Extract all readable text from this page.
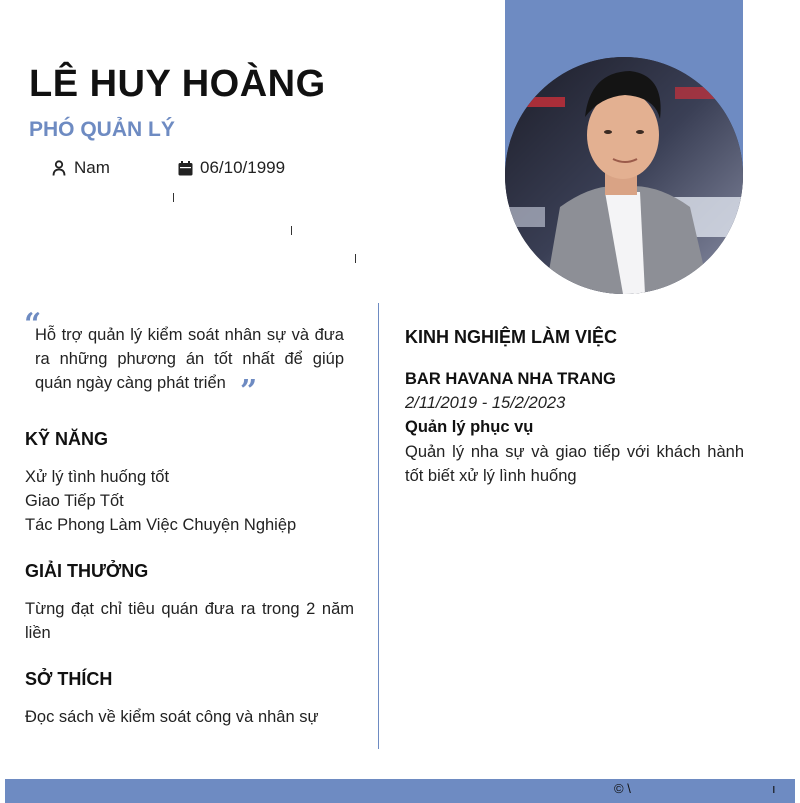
LÊ HUY HOÀNG
PHÓ QUẢN LÝ
Nam	06/10/1999
“
Hỗ trợ quản lý kiểm soát nhân sự và đưa ra những phương án tốt nhất để giúp quán ngày càng phát triển ”
KỸ NĂNG
Xử lý tình huống tốt
Giao Tiếp Tốt
Tác Phong Làm Việc Chuyện Nghiệp
GIẢI THƯỞNG
Từng đạt chỉ tiêu quán đưa ra trong 2 năm liền
SỞ THÍCH
Đọc sách về kiểm soát công và nhân sự
KINH NGHIỆM LÀM VIỆC
BAR HAVANA NHA TRANG
2/11/2019 - 15/2/2023
Quản lý phục vụ
Quản lý nha sự và giao tiếp với khách hành tốt biết xử lý lình huống
© \	ı
